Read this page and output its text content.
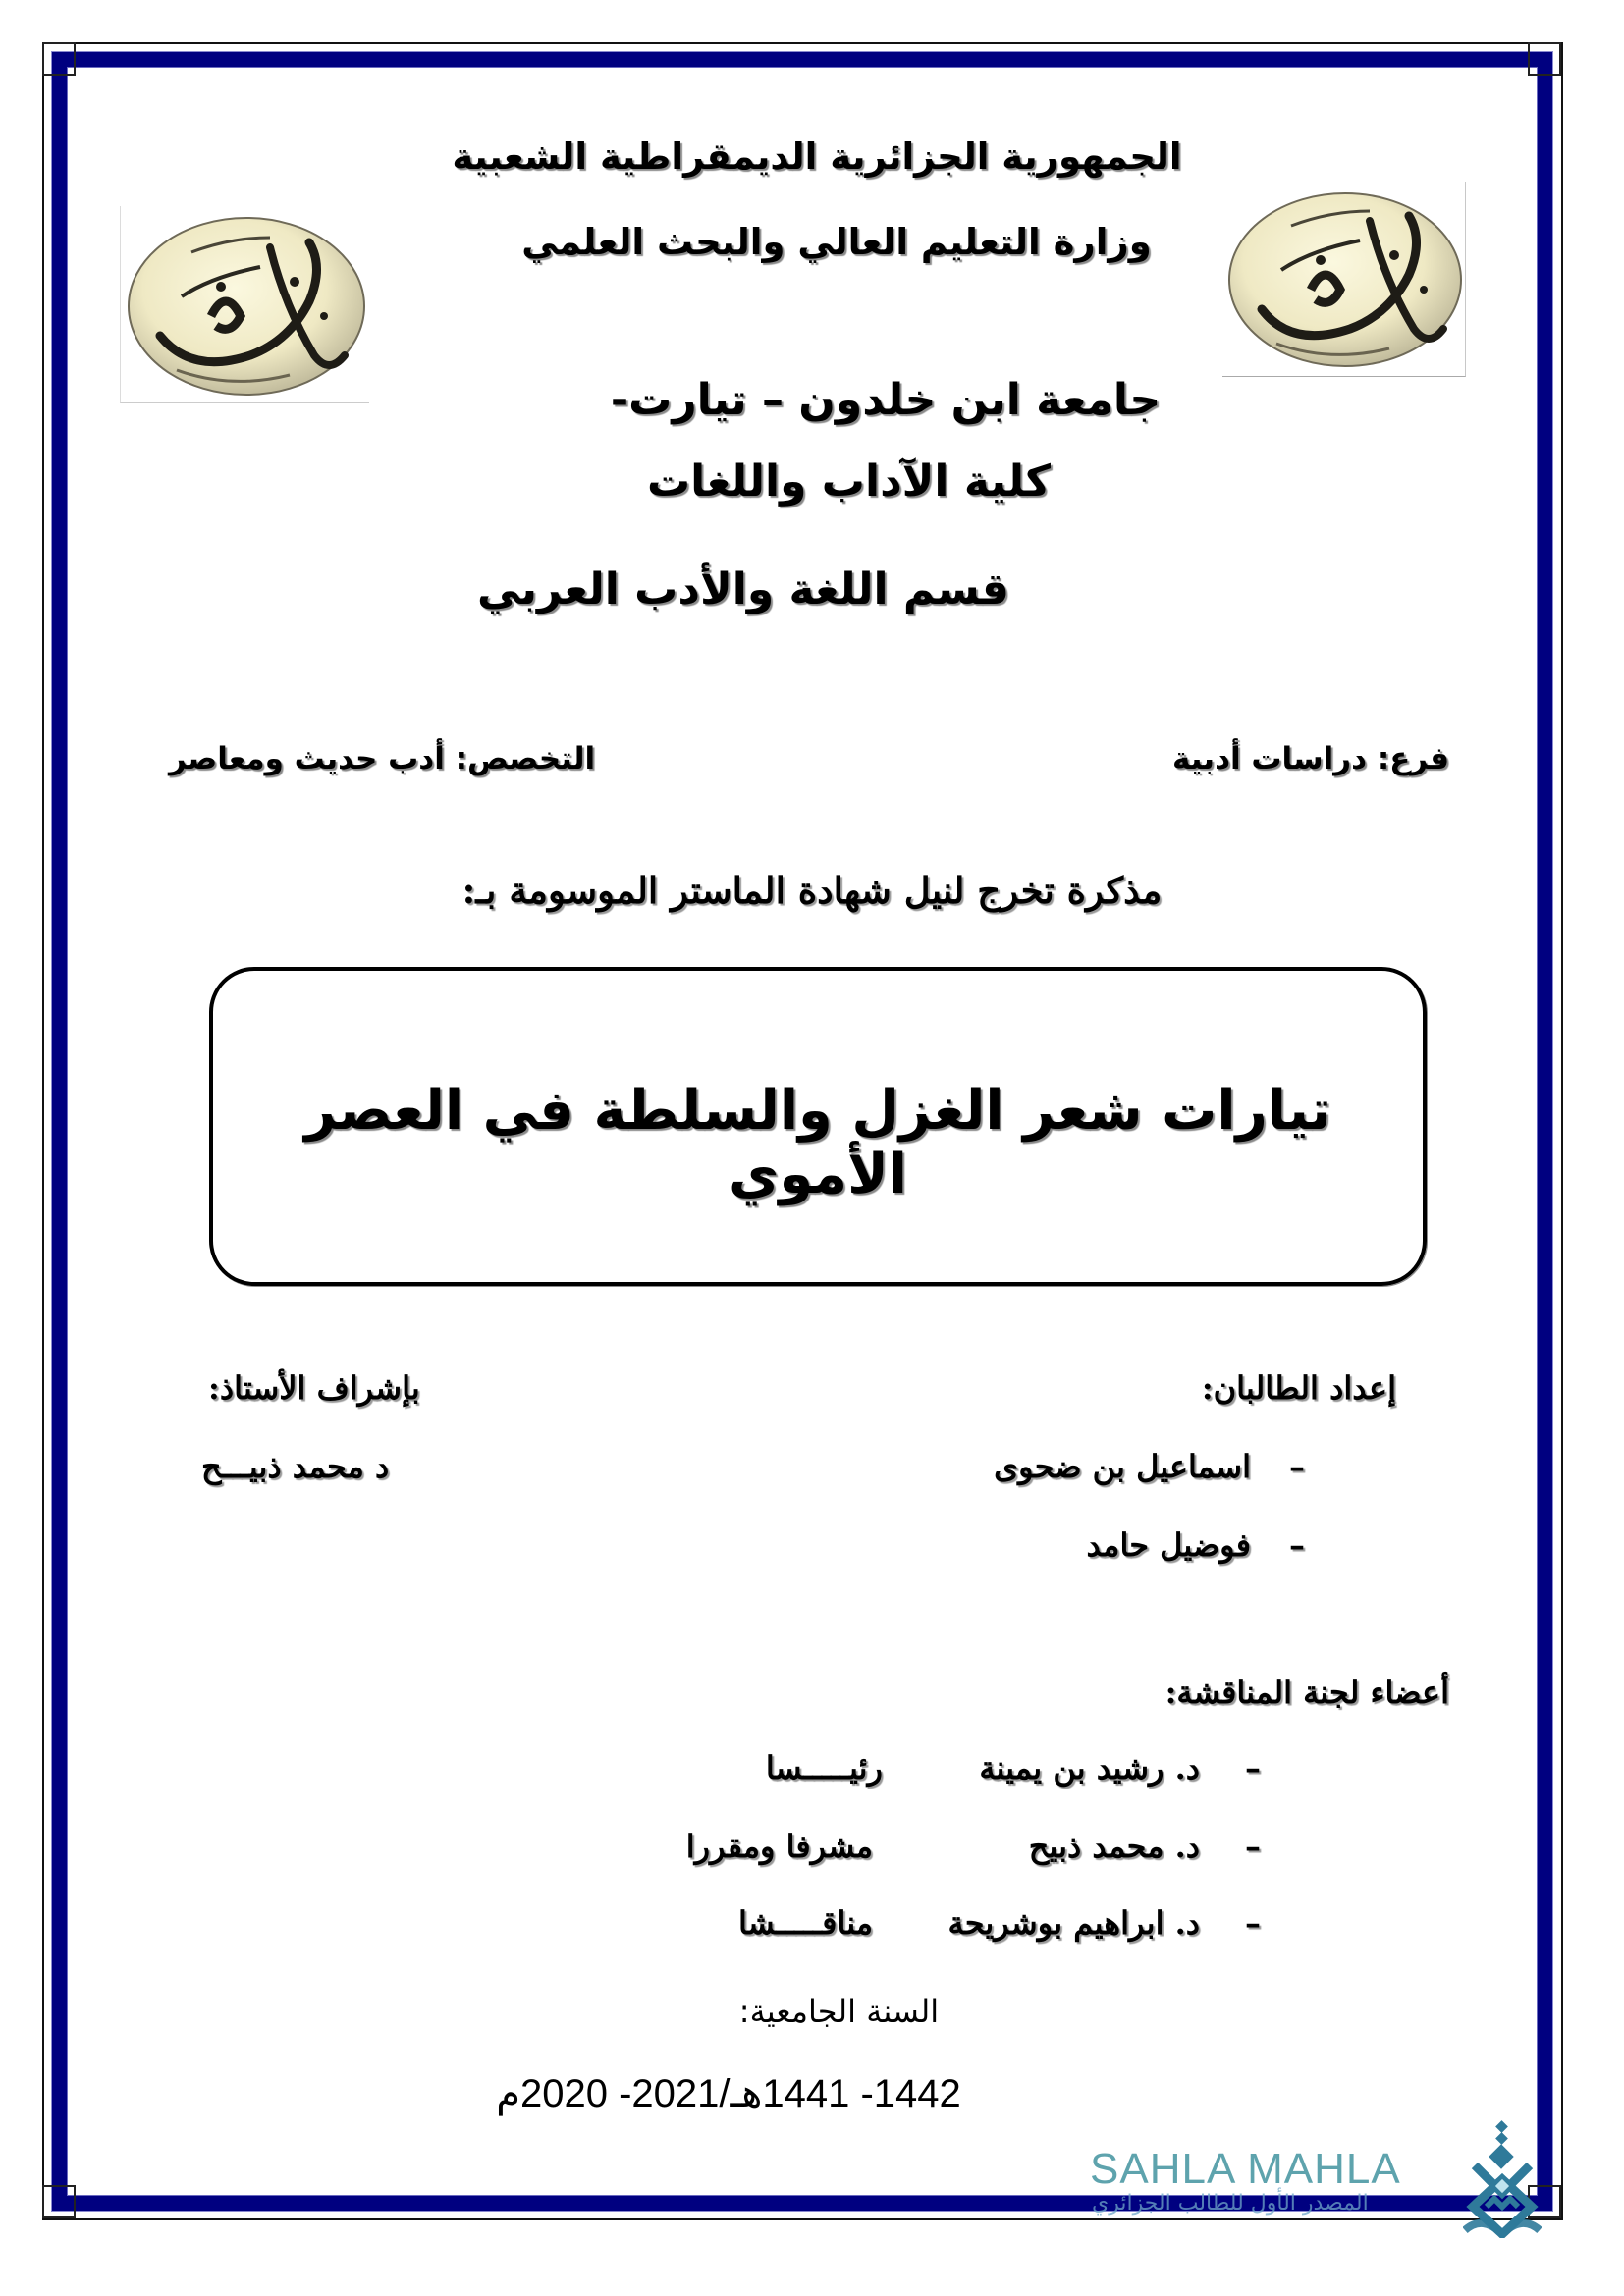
الجمهورية الجزائرية الديمقراطية الشعبية
وزارة التعليم العالي والبحث العلمي
جامعة ابن خلدون – تيارت-
كلية الآداب واللغات
قسم اللغة والأدب العربي
فرع: دراسات أدبية
التخصص: أدب حديث ومعاصر
مذكرة تخرج لنيل شهادة الماستر الموسومة بـ:
تيارات شعر الغزل والسلطة في العصر الأموي
إعداد الطالبان:
–
اسماعيل بن ضحوى
–
فوضيل حامد
بإشراف الأستاذ:
د محمد ذبيـــح
أعضاء لجنة المناقشة:
–
د. رشيد بن يمينة
رئيـــــسا
–
د. محمد ذبيح
مشرفا ومقررا
–
د. ابراهيم بوشريحة
مناقـــــشا
السنة الجامعية:
1442- 1441هـ/2021- 2020م
SAHLA MAHLA
المصدر الأول للطالب الجزائري
